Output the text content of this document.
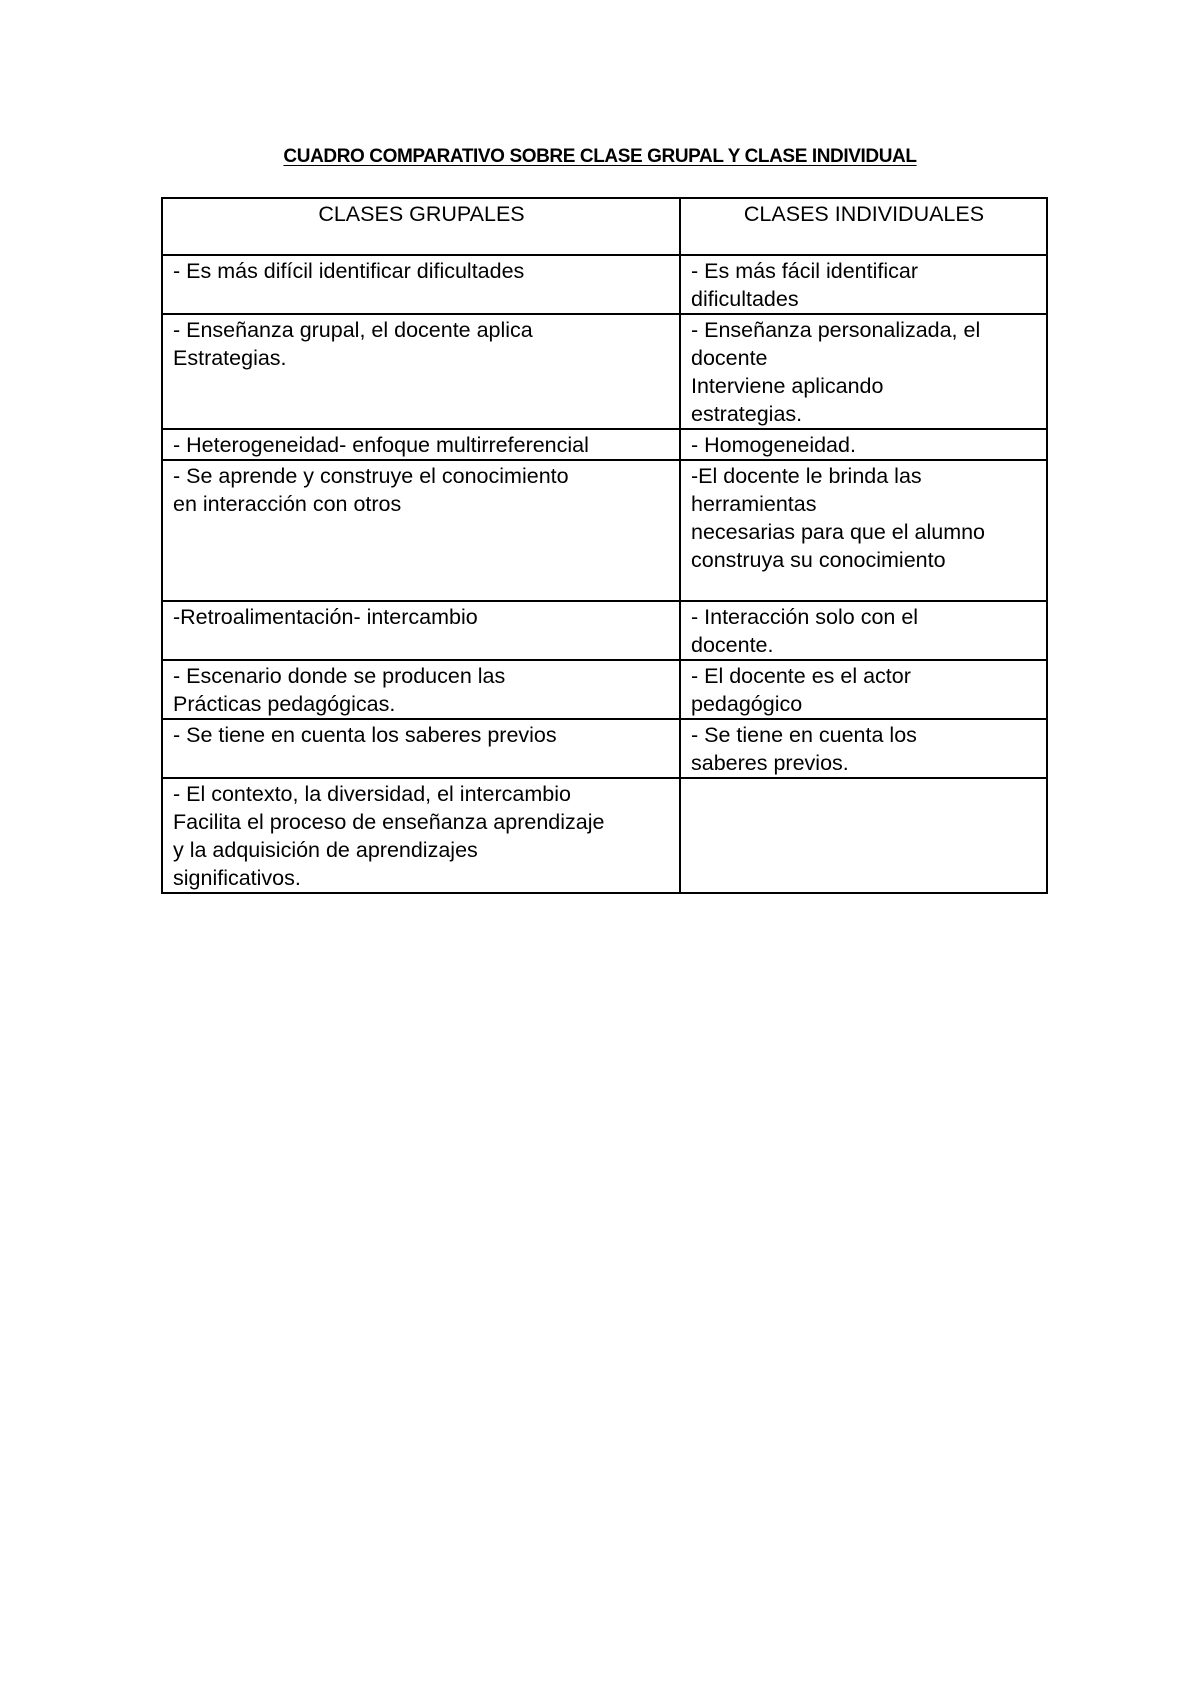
CUADRO COMPARATIVO SOBRE CLASE GRUPAL Y CLASE INDIVIDUAL
CLASES GRUPALES	CLASES INDIVIDUALES
- Es más difícil identificar dificultades	- Es más fácil identificar
dificultades
- Enseñanza grupal, el docente aplica
Estrategias.	- Enseñanza personalizada, el
docente
Interviene aplicando
estrategias.
- Heterogeneidad- enfoque multirreferencial	- Homogeneidad.
- Se aprende y construye el conocimiento
en interacción con otros	-El docente le brinda las
herramientas
necesarias para que el alumno
construya su conocimiento
-Retroalimentación- intercambio	- Interacción solo con el
docente.
- Escenario donde se producen las
Prácticas pedagógicas.	- El docente es el actor
pedagógico
- Se tiene en cuenta los saberes previos	- Se tiene en cuenta los
saberes previos.
- El contexto, la diversidad, el intercambio
Facilita el proceso de enseñanza aprendizaje
y la adquisición de aprendizajes
significativos.	
